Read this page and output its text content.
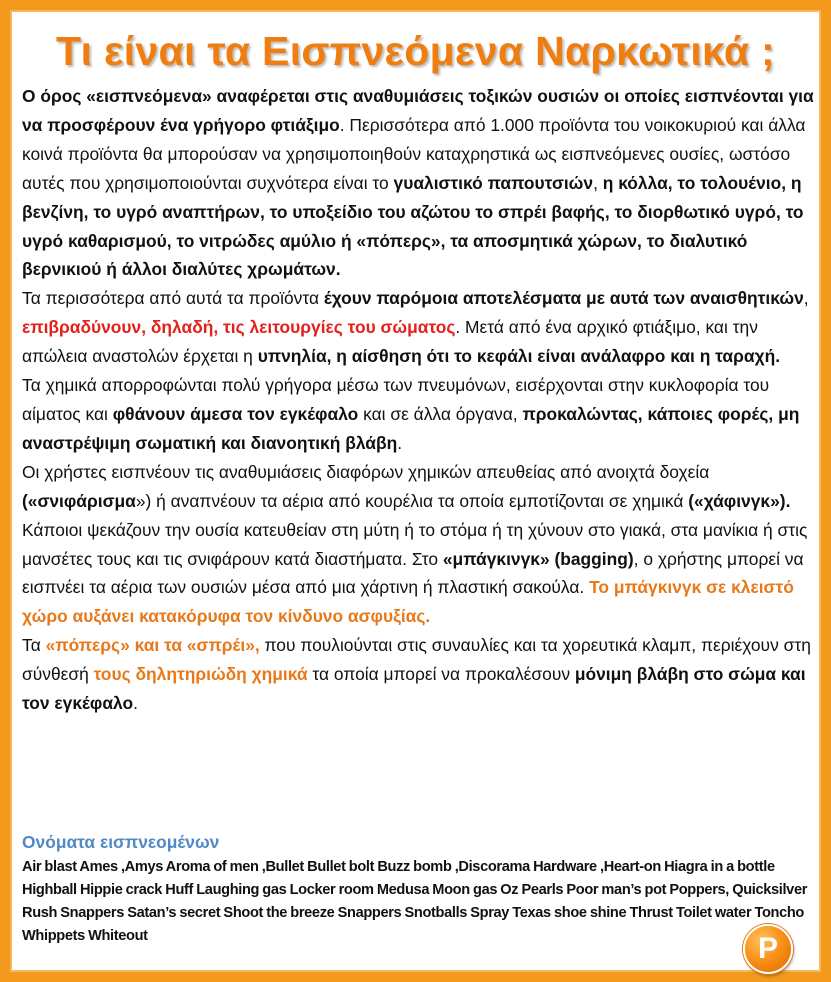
Τι είναι τα Εισπνεόμενα Ναρκωτικά ;

Ο όρος «εισπνεόμενα» αναφέρεται στις αναθυμιάσεις τοξικών ουσιών οι οποίες εισπνέονται για να προσφέρουν ένα γρήγορο φτιάξιμο. Περισσότερα από 1.000 προϊόντα του νοικοκυριού και άλλα κοινά προϊόντα θα μπορούσαν να χρησιμοποιηθούν καταχρηστικά ως εισπνεόμενες ουσίες, ωστόσο αυτές που χρησιμοποιούνται συχνότερα είναι το γυαλιστικό παπουτσιών, η κόλλα, το τολουένιο, η βενζίνη, το υγρό αναπτήρων, το υποξείδιο του αζώτου το σπρέι βαφής, το διορθωτικό υγρό, το υγρό καθαρισμού, το νιτρώδες αμύλιο ή «πόπερς», τα αποσμητικά χώρων, το διαλυτικό βερνικιού ή άλλοι διαλύτες χρωμάτων.

Τα περισσότερα από αυτά τα προϊόντα έχουν παρόμοια αποτελέσματα με αυτά των αναισθητικών, επιβραδύνουν, δηλαδή, τις λειτουργίες του σώματος. Μετά από ένα αρχικό φτιάξιμο, και την απώλεια αναστολών έρχεται η υπνηλία, η αίσθηση ότι το κεφάλι είναι ανάλαφρο και η ταραχή.

Τα χημικά απορροφώνται πολύ γρήγορα μέσω των πνευμόνων, εισέρχονται στην κυκλοφορία του αίματος και φθάνουν άμεσα τον εγκέφαλο και σε άλλα όργανα, προκαλώντας, κάποιες φορές, μη αναστρέψιμη σωματική και διανοητική βλάβη.

Οι χρήστες εισπνέουν τις αναθυμιάσεις διαφόρων χημικών απευθείας από ανοιχτά δοχεία («σνιφάρισμα») ή αναπνέουν τα αέρια από κουρέλια τα οποία εμποτίζονται σε χημικά («χάφινγκ»). Κάποιοι ψεκάζουν την ουσία κατευθείαν στη μύτη ή το στόμα ή τη χύνουν στο γιακά, στα μανίκια ή στις μανσέτες τους και τις σνιφάρουν κατά διαστήματα. Στο «μπάγκινγκ» (bagging), ο χρήστης μπορεί να εισπνέει τα αέρια των ουσιών μέσα από μια χάρτινη ή πλαστική σακούλα. Το μπάγκινγκ σε κλειστό χώρο αυξάνει κατακόρυφα τον κίνδυνο ασφυξίας.

Τα «πόπερς» και τα «σπρέι», που πουλιούνται στις συναυλίες και τα χορευτικά κλαμπ, περιέχουν στη σύνθεσή τους δηλητηριώδη χημικά τα οποία μπορεί να προκαλέσουν μόνιμη βλάβη στο σώμα και τον εγκέφαλο.

Ονόματα εισπνεομένων
Air blast Ames ,Amys Aroma of men ,Bullet Bullet bolt Buzz bomb ,Discorama Hardware ,Heart-on Hiagra in a bottle Highball Hippie crack Huff Laughing gas Locker room Medusa Moon gas Oz Pearls Poor man’s pot Poppers, Quicksilver Rush Snappers Satan’s secret Shoot the breeze Snappers Snotballs Spray Texas shoe shine Thrust Toilet water Toncho Whippets Whiteout	P
